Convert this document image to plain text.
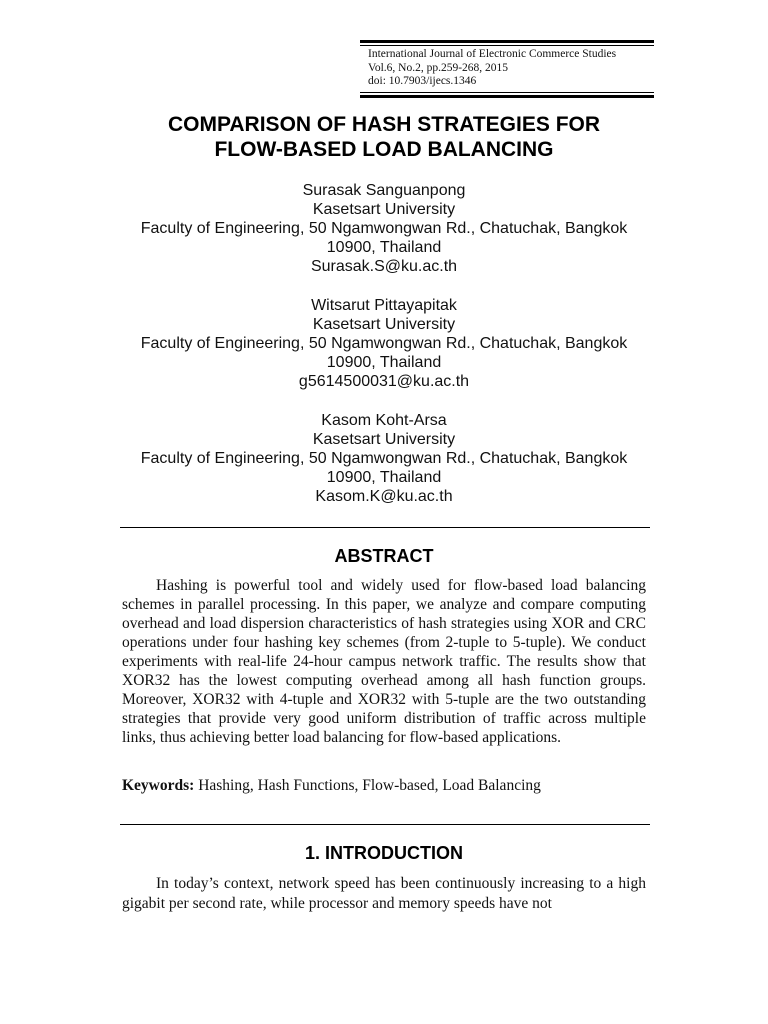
International Journal of Electronic Commerce Studies
Vol.6, No.2, pp.259-268, 2015
doi: 10.7903/ijecs.1346
COMPARISON OF HASH STRATEGIES FOR
FLOW-BASED LOAD BALANCING
Surasak Sanguanpong
Kasetsart University
Faculty of Engineering, 50 Ngamwongwan Rd., Chatuchak, Bangkok
10900, Thailand
Surasak.S@ku.ac.th
Witsarut Pittayapitak
Kasetsart University
Faculty of Engineering, 50 Ngamwongwan Rd., Chatuchak, Bangkok
10900, Thailand
g5614500031@ku.ac.th
Kasom Koht-Arsa
Kasetsart University
Faculty of Engineering, 50 Ngamwongwan Rd., Chatuchak, Bangkok
10900, Thailand
Kasom.K@ku.ac.th
ABSTRACT
Hashing is powerful tool and widely used for flow-based load balancing schemes in parallel processing. In this paper, we analyze and compare computing overhead and load dispersion characteristics of hash strategies using XOR and CRC operations under four hashing key schemes (from 2-tuple to 5-tuple). We conduct experiments with real-life 24-hour campus network traffic. The results show that XOR32 has the lowest computing overhead among all hash function groups. Moreover, XOR32 with 4-tuple and XOR32 with 5-tuple are the two outstanding strategies that provide very good uniform distribution of traffic across multiple links, thus achieving better load balancing for flow-based applications.
Keywords: Hashing, Hash Functions, Flow-based, Load Balancing
1. INTRODUCTION
In today’s context, network speed has been continuously increasing to a high gigabit per second rate, while processor and memory speeds have not
